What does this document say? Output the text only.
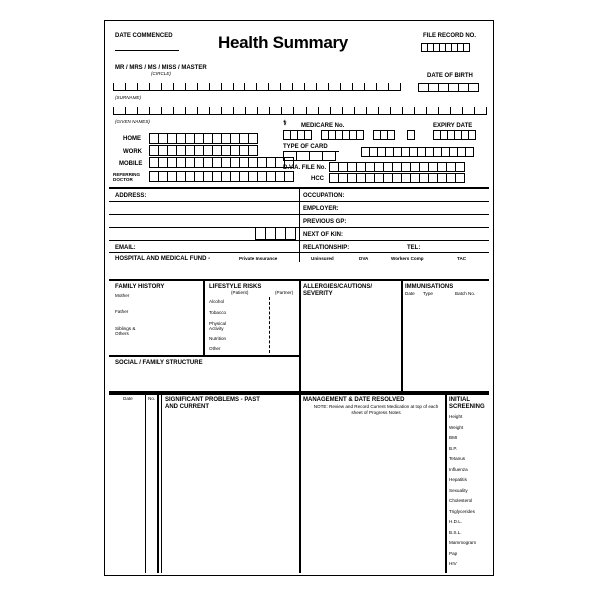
DATE COMMENCED	Health Summary	FILE RECORD NO.
MR / MRS / MS / MISS / MASTER
(CIRCLE)	DATE OF BIRTH
(SURNAME)
(GIVEN NAMES)
HOME
WORK
MOBILE
REFERRING DOCTOR
⚕ MEDICARE No.	EXPIRY DATE
TYPE OF CARD
D.V.A. FILE No.
HCC
ADDRESS:
EMAIL:
OCCUPATION:
EMPLOYER:
PREVIOUS GP:
NEXT OF KIN:
RELATIONSHIP:	TEL:
HOSPITAL AND MEDICAL FUND -	Private Insurance	Uninsured	DVA	Workers Comp	TAC
FAMILY HISTORY
Mother
Father
Siblings & Others
LIFESTYLE RISKS
(Patient)	(Partner)
Alcohol
Tobacco
Physical Activity
Nutrition
Other
ALLERGIES/CAUTIONS/ SEVERITY
IMMUNISATIONS
Date Type	Batch No.
SOCIAL / FAMILY STRUCTURE
Date	No. SIGNIFICANT PROBLEMS - PAST AND CURRENT
MANAGEMENT & DATE RESOLVED
NOTE: Review and Record Current Medication at top of each sheet of Progress Notes
INITIAL SCREENING
Height
Weight
BMI
B.P.
Tetanus
Influenza
Hepatitis
Sexuality
Cholesterol
Triglycerides
H.D.L.
B.S.L.
Mammogram
Pap
HIV
